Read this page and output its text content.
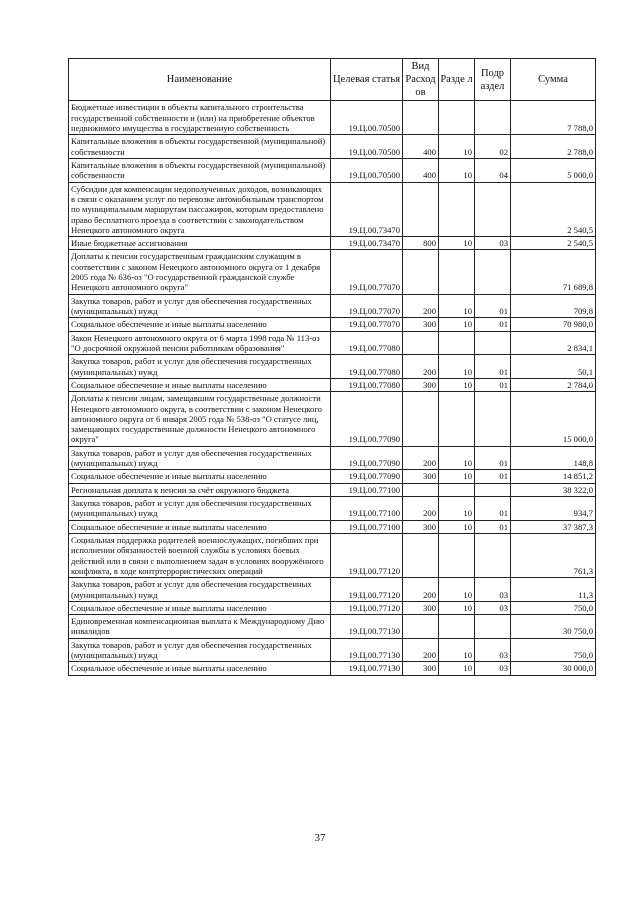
Наименование	Целевая статья	Вид Расход ов	Разде л	Подр аздел	Сумма
Бюджетные инвестиции в объекты капитального строительства государственной собственности и (или) на приобретение объектов недвижимого имущества в государственную собственность	19.Ц.00.70500				7 788,0
Капитальные вложения в объекты государственной (муниципальной) собственности	19.Ц.00.70500	400	10	02	2 788,0
Капитальные вложения в объекты государственной (муниципальной) собственности	19.Ц.00.70500	400	10	04	5 000,0
Субсидии для компенсации недополученных доходов, возникающих в связи с оказанием услуг по перевозке автомобильным транспортом по муниципальным маршрутам пассажиров, которым предоставлено право бесплатного проезда в соответствии с законодательством Ненецкого автономного округа	19.Ц.00.73470				2 540,5
Иные бюджетные ассигнования	19.Ц.00.73470	800	10	03	2 540,5
Доплаты к пенсии государственным гражданским служащим в соответствии с законом Ненецкого автономного округа от 1 декабря 2005 года № 636-оз "О государственной гражданской службе Ненецкого автономного округа"	19.Ц.00.77070				71 689,8
Закупка товаров, работ и услуг для обеспечения государственных (муниципальных) нужд	19.Ц.00.77070	200	10	01	709,8
Социальное обеспечение и иные выплаты населению	19.Ц.00.77070	300	10	01	70 980,0
Закон Ненецкого автономного округа от 6 марта 1998 года № 113-оз "О досрочной окружной пенсии работникам образования"	19.Ц.00.77080				2 834,1
Закупка товаров, работ и услуг для обеспечения государственных (муниципальных) нужд	19.Ц.00.77080	200	10	01	50,1
Социальное обеспечение и иные выплаты населению	19.Ц.00.77080	300	10	01	2 784,0
Доплаты к пенсии лицам, замещавшим государственные должности Ненецкого автономного округа, в соответствии с законом Ненецкого автономного округа от 6 января 2005 года № 538-оз "О статусе лиц, замещающих государственные должности Ненецкого автономного округа"	19.Ц.00.77090				15 000,0
Закупка товаров, работ и услуг для обеспечения государственных (муниципальных) нужд	19.Ц.00.77090	200	10	01	148,8
Социальное обеспечение и иные выплаты населению	19.Ц.00.77090	300	10	01	14 851,2
Региональная доплата к пенсии за счёт окружного бюджета	19.Ц.00.77100				38 322,0
Закупка товаров, работ и услуг для обеспечения государственных (муниципальных) нужд	19.Ц.00.77100	200	10	01	934,7
Социальное обеспечение и иные выплаты населению	19.Ц.00.77100	300	10	01	37 387,3
Социальная поддержка родителей военнослужащих, погибших при исполнении обязанностей военной службы в условиях боевых действий или в связи с выполнением задач в условиях вооружённого конфликта, в ходе контртеррористических операций	19.Ц.00.77120				761,3
Закупка товаров, работ и услуг для обеспечения государственных (муниципальных) нужд	19.Ц.00.77120	200	10	03	11,3
Социальное обеспечение и иные выплаты населению	19.Ц.00.77120	300	10	03	750,0
Единовременная компенсационная выплата к Международному Дню инвалидов	19.Ц.00.77130				30 750,0
Закупка товаров, работ и услуг для обеспечения государственных (муниципальных) нужд	19.Ц.00.77130	200	10	03	750,0
Социальное обеспечение и иные выплаты населению	19.Ц.00.77130	300	10	03	30 000,0
37
